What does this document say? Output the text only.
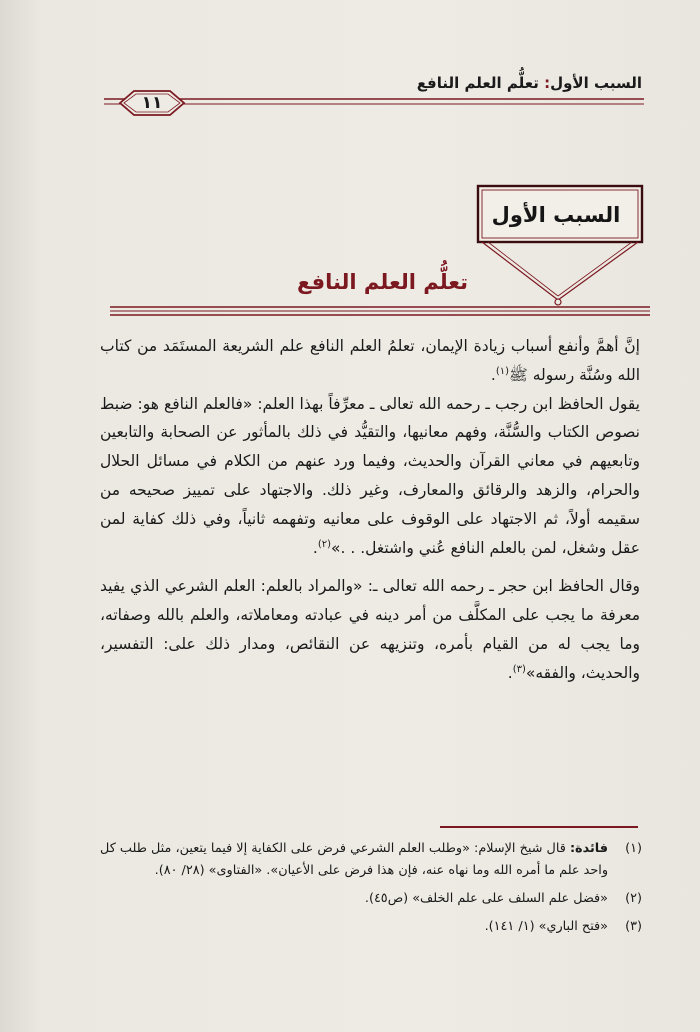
السبب الأول: تعلُّم العلم النافع
١١
السبب الأول
تعلُّم العلم النافع

إنَّ أهمَّ وأنفع أسباب زيادة الإيمان، تعلمُ العلم النافع علم الشريعة المستَمَد من كتاب الله وسُنَّة رسوله ﷺ$^{(١)}$.

يقول الحافظ ابن رجب ـ رحمه الله تعالى ـ معرِّفاً بهذا العلم: «فالعلم النافع هو: ضبط نصوص الكتاب والسُّنَّة، وفهم معانيها، والتقيُّد في ذلك بالمأثور عن الصحابة والتابعين وتابعيهم في معاني القرآن والحديث، وفيما ورد عنهم من الكلام في مسائل الحلال والحرام، والزهد والرقائق والمعارف، وغير ذلك. والاجتهاد على تمييز صحيحه من سقيمه أولاً، ثم الاجتهاد على الوقوف على معانيه وتفهمه ثانياً، وفي ذلك كفاية لمن عقل وشغل، لمن بالعلم النافع عُني واشتغل. . .»$^{(٢)}$.

وقال الحافظ ابن حجر ـ رحمه الله تعالى ـ: «والمراد بالعلم: العلم الشرعي الذي يفيد معرفة ما يجب على المكلَّف من أمر دينه في عبادته ومعاملاته، والعلم بالله وصفاته، وما يجب له من القيام بأمره، وتنزيهه عن النقائص، ومدار ذلك على: التفسير، والحديث، والفقه»$^{(٣)}$.

(١)
فائدة: قال شيخ الإسلام: «وطلب العلم الشرعي فرض على الكفاية إلا فيما يتعين، مثل طلب كل واحد علم ما أمره الله وما نهاه عنه، فإن هذا فرض على الأعيان». «الفتاوى» (٢٨/ ٨٠).
(٢)
«فضل علم السلف على علم الخلف» (ص٤٥).
(٣)
«فتح الباري» (١/ ١٤١).
